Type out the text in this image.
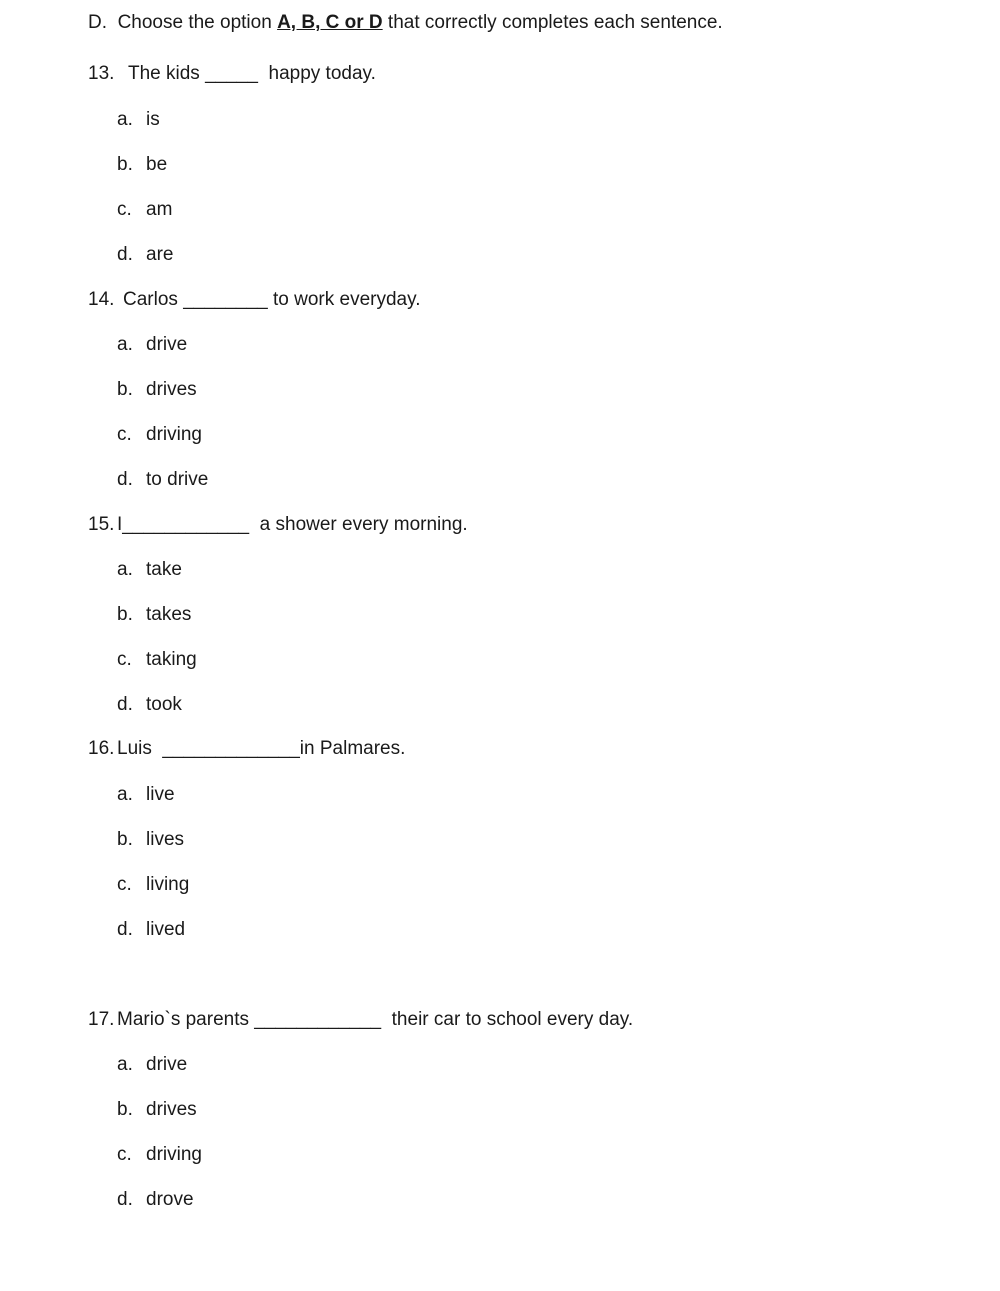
D. Choose the option A, B, C or D that correctly completes each sentence.
13. The kids _____ happy today.
a. is
b. be
c. am
d. are
14. Carlos ________ to work everyday.
a. drive
b. drives
c. driving
d. to drive
15. I____________ a shower every morning.
a. take
b. takes
c. taking
d. took
16. Luis _____________in Palmares.
a. live
b. lives
c. living
d. lived
17. Mario`s parents ____________ their car to school every day.
a. drive
b. drives
c. driving
d. drove
